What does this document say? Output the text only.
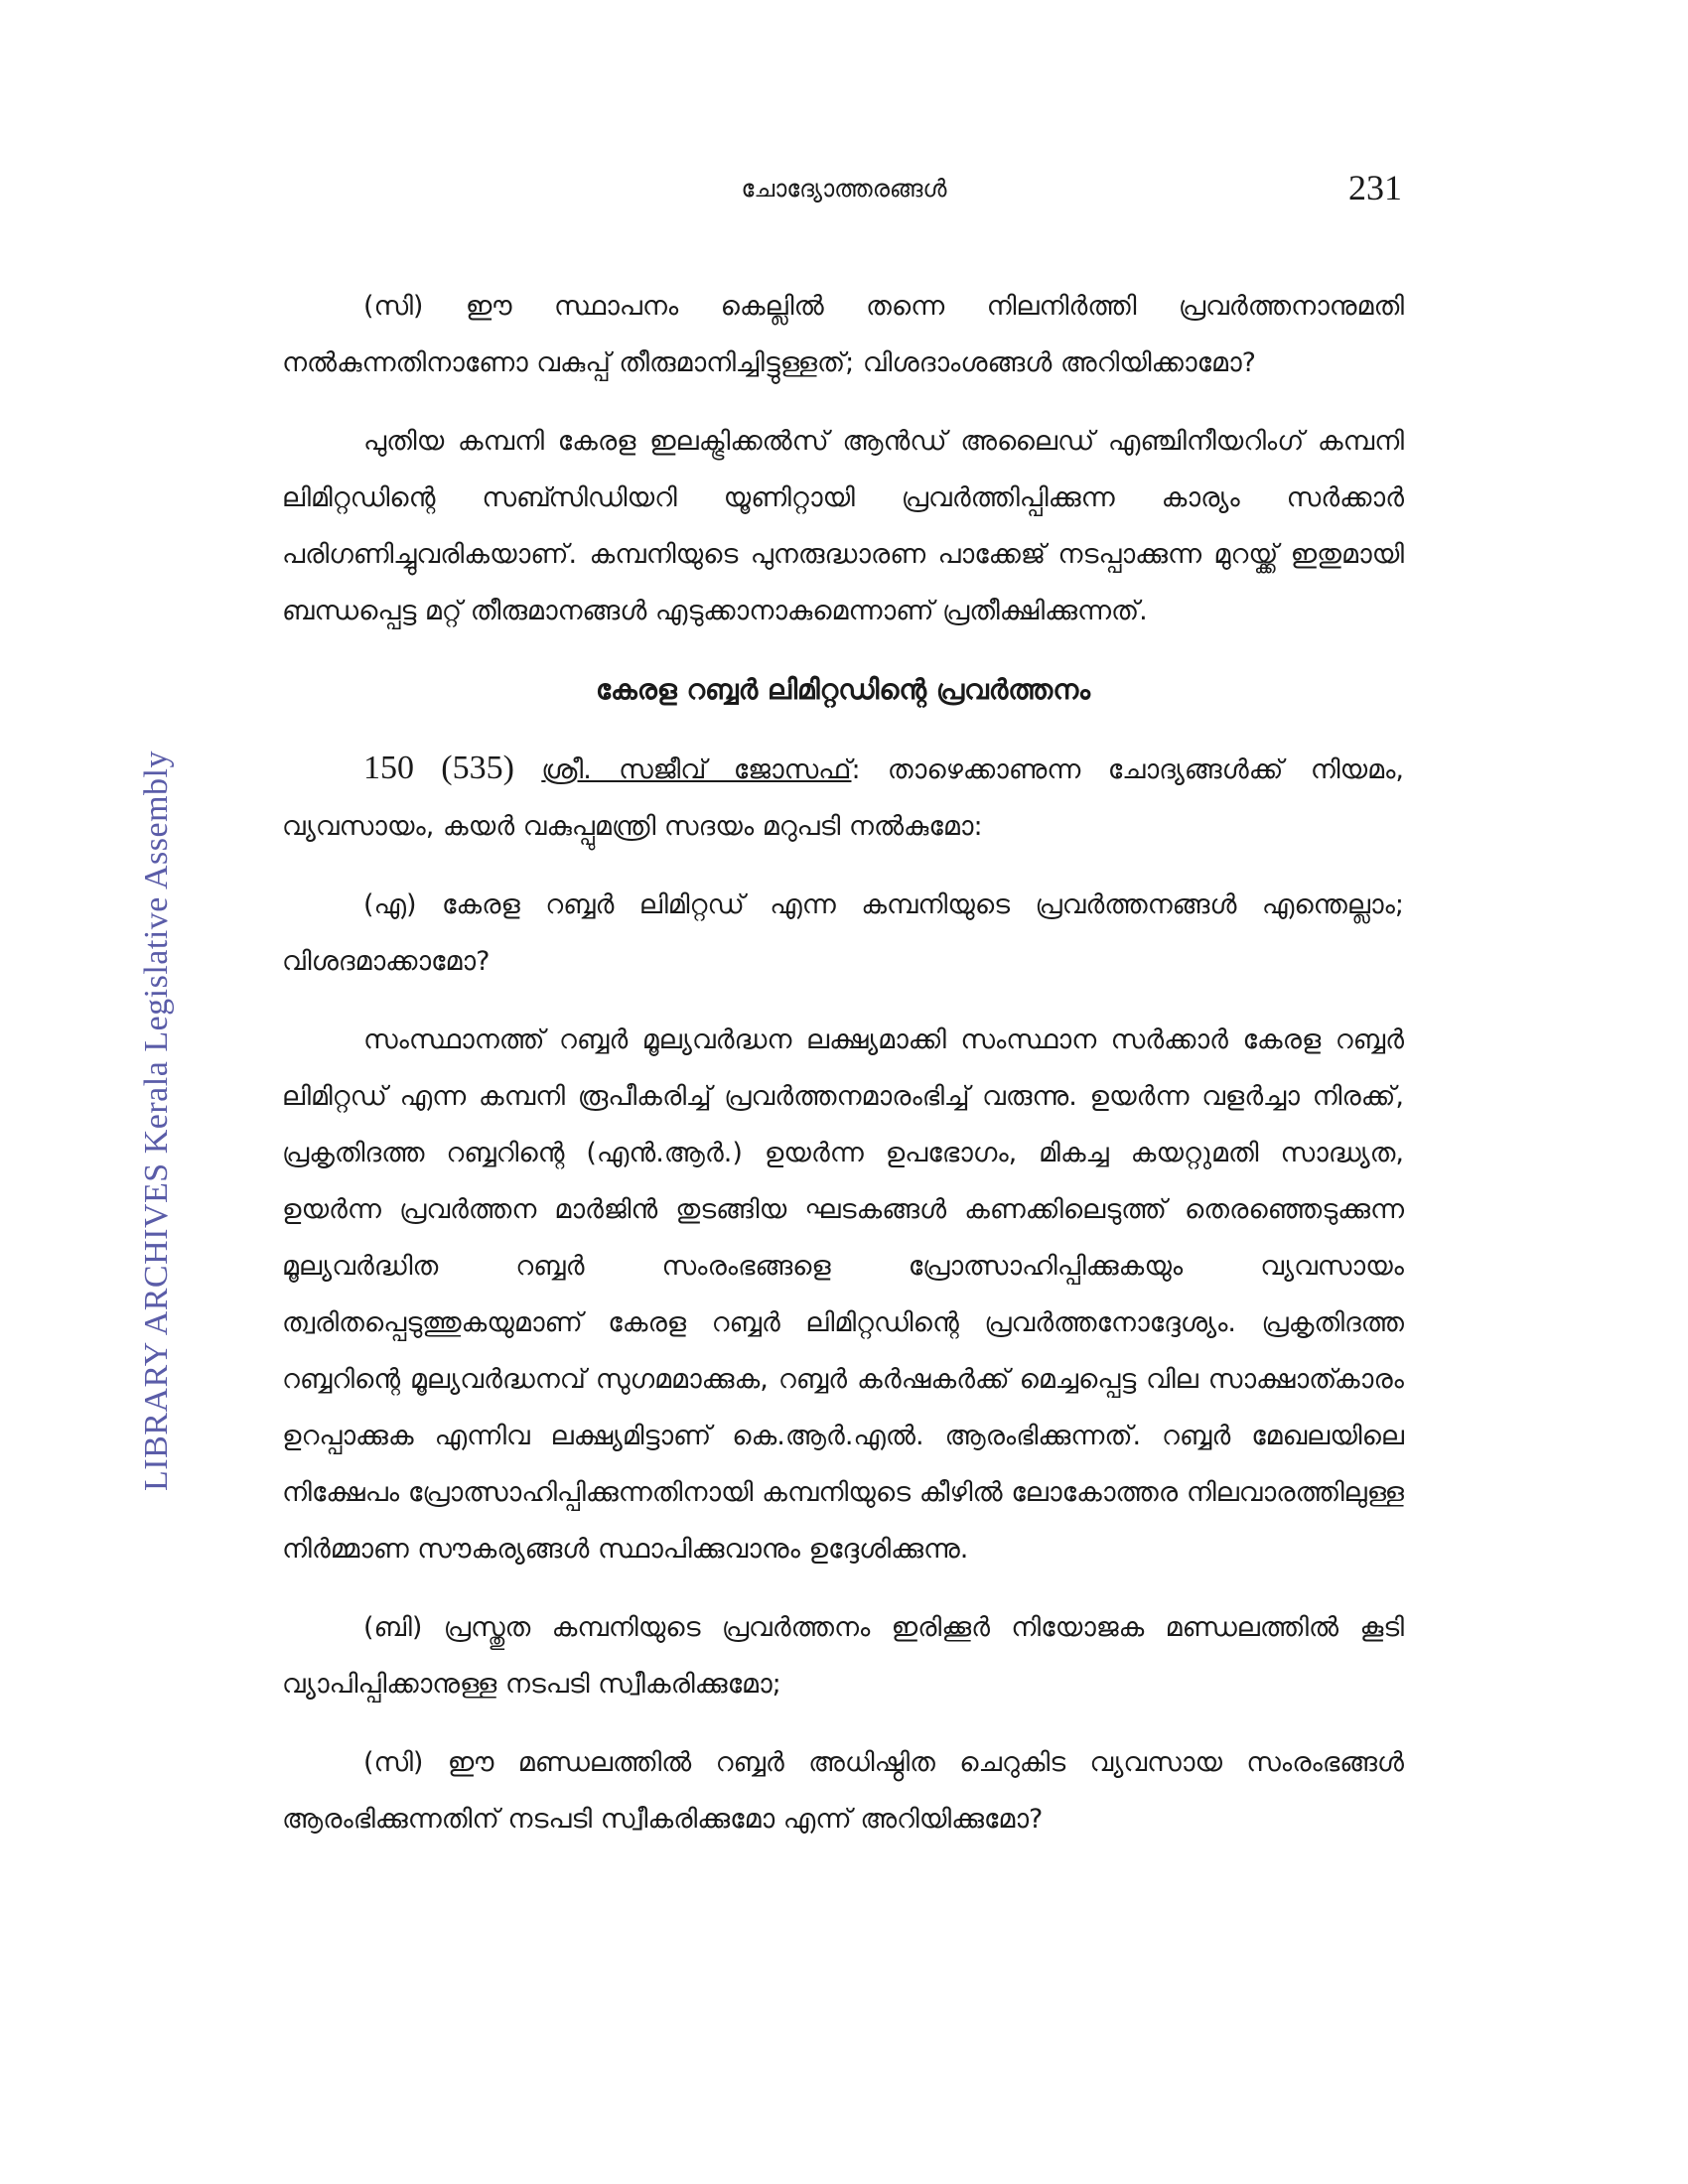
ചോദ്യോത്തരങ്ങൾ	231
LIBRARY ARCHIVES Kerala Legislative Assembly

(സി) ഈ സ്ഥാപനം കെല്ലിൽ തന്നെ നിലനിർത്തി പ്രവർത്തനാനുമതി നൽകുന്നതിനാണോ വകുപ്പ് തീരുമാനിച്ചിട്ടുള്ളത്; വിശദാംശങ്ങൾ അറിയിക്കാമോ?

പുതിയ കമ്പനി കേരള ഇലക്ട്രിക്കൽസ് ആൻഡ് അലൈഡ് എഞ്ചിനീയറിംഗ് കമ്പനി ലിമിറ്റഡിന്റെ സബ്സിഡിയറി യൂണിറ്റായി പ്രവർത്തിപ്പിക്കുന്ന കാര്യം സർക്കാർ പരിഗണിച്ചുവരികയാണ്. കമ്പനിയുടെ പുനരുദ്ധാരണ പാക്കേജ് നടപ്പാക്കുന്ന മുറയ്ക്ക് ഇതുമായി ബന്ധപ്പെട്ട മറ്റ് തീരുമാനങ്ങൾ എടുക്കാനാകുമെന്നാണ് പ്രതീക്ഷിക്കുന്നത്.

കേരള റബ്ബർ ലിമിറ്റഡിന്റെ പ്രവർത്തനം

150 (535) ശ്രീ. സജീവ് ജോസഫ്: താഴെക്കാണുന്ന ചോദ്യങ്ങൾക്ക് നിയമം, വ്യവസായം, കയർ വകുപ്പുമന്ത്രി സദയം മറുപടി നൽകുമോ:

(എ) കേരള റബ്ബർ ലിമിറ്റഡ് എന്ന കമ്പനിയുടെ പ്രവർത്തനങ്ങൾ എന്തെല്ലാം; വിശദമാക്കാമോ?

സംസ്ഥാനത്ത് റബ്ബർ മൂല്യവർദ്ധന ലക്ഷ്യമാക്കി സംസ്ഥാന സർക്കാർ കേരള റബ്ബർ ലിമിറ്റഡ് എന്ന കമ്പനി രൂപീകരിച്ച് പ്രവർത്തനമാരംഭിച്ച് വരുന്നു. ഉയർന്ന വളർച്ചാ നിരക്ക്, പ്രകൃതിദത്ത റബ്ബറിന്റെ (എൻ.ആർ.) ഉയർന്ന ഉപഭോഗം, മികച്ച കയറ്റുമതി സാദ്ധ്യത, ഉയർന്ന പ്രവർത്തന മാർജിൻ തുടങ്ങിയ ഘടകങ്ങൾ കണക്കിലെടുത്ത് തെരഞ്ഞെടുക്കുന്ന മൂല്യവർദ്ധിത റബ്ബർ സംരംഭങ്ങളെ പ്രോത്സാഹിപ്പിക്കുകയും വ്യവസായം ത്വരിതപ്പെടുത്തുകയുമാണ് കേരള റബ്ബർ ലിമിറ്റഡിന്റെ പ്രവർത്തനോദ്ദേശ്യം. പ്രകൃതിദത്ത റബ്ബറിന്റെ മൂല്യവർദ്ധനവ് സുഗമമാക്കുക, റബ്ബർ കർഷകർക്ക് മെച്ചപ്പെട്ട വില സാക്ഷാത്കാരം ഉറപ്പാക്കുക എന്നിവ ലക്ഷ്യമിട്ടാണ് കെ.ആർ.എൽ. ആരംഭിക്കുന്നത്. റബ്ബർ മേഖലയിലെ നിക്ഷേപം പ്രോത്സാഹിപ്പിക്കുന്നതിനായി കമ്പനിയുടെ കീഴിൽ ലോകോത്തര നിലവാരത്തിലുള്ള നിർമ്മാണ സൗകര്യങ്ങൾ സ്ഥാപിക്കുവാനും ഉദ്ദേശിക്കുന്നു.

(ബി) പ്രസ്തുത കമ്പനിയുടെ പ്രവർത്തനം ഇരിക്കൂർ നിയോജക മണ്ഡലത്തിൽ കൂടി വ്യാപിപ്പിക്കാനുള്ള നടപടി സ്വീകരിക്കുമോ;

(സി) ഈ മണ്ഡലത്തിൽ റബ്ബർ അധിഷ്ഠിത ചെറുകിട വ്യവസായ സംരംഭങ്ങൾ ആരംഭിക്കുന്നതിന് നടപടി സ്വീകരിക്കുമോ എന്ന് അറിയിക്കുമോ?
